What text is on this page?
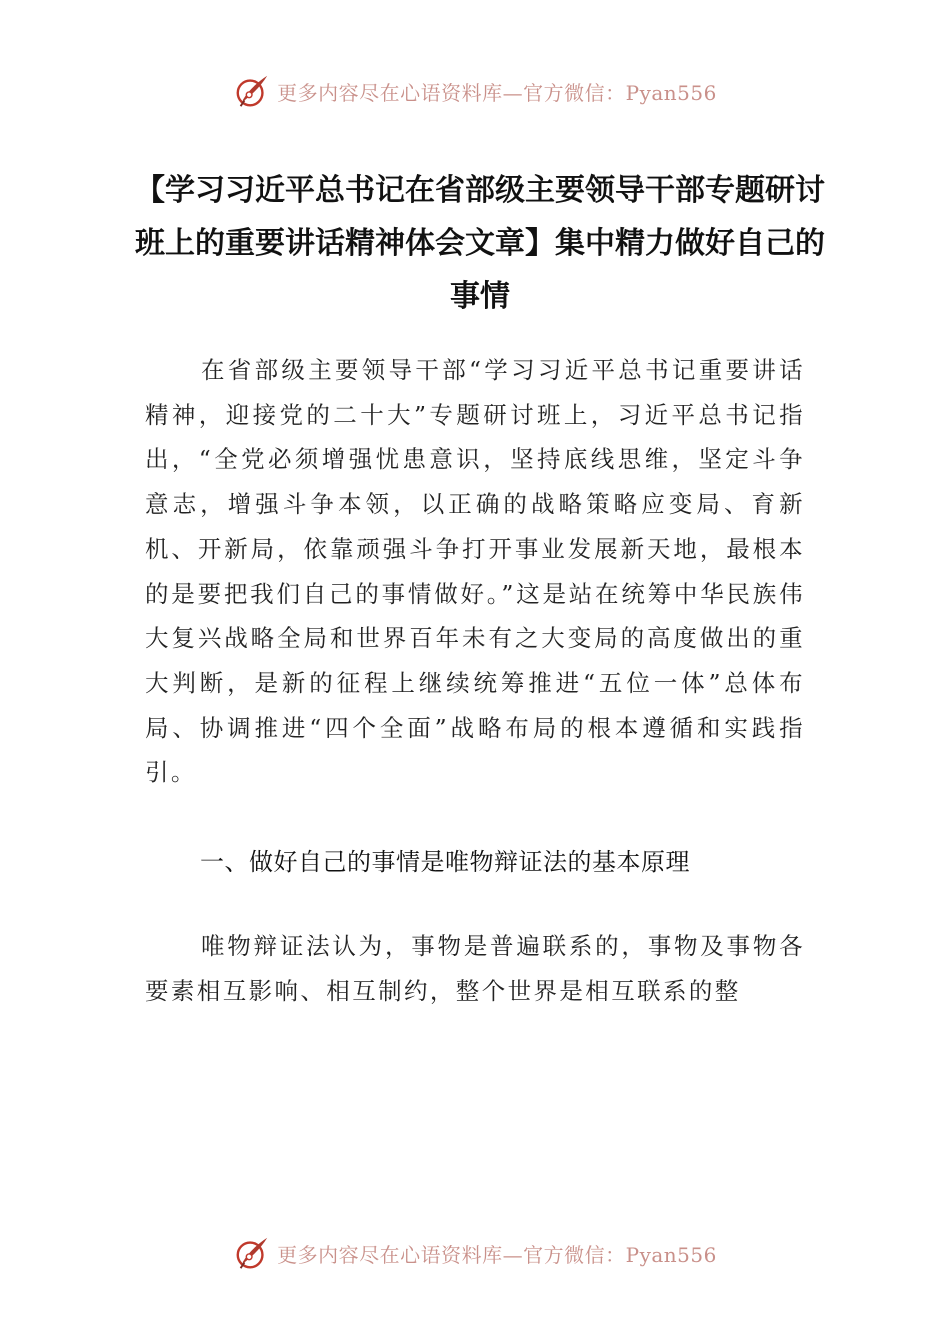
更多内容尽在心语资料库—官方微信：Pyan556
【学习习近平总书记在省部级主要领导干部专题研讨班上的重要讲话精神体会文章】集中精力做好自己的事情

在省部级主要领导干部“学习习近平总书记重要讲话精神，迎接党的二十大”专题研讨班上，习近平总书记指出，“全党必须增强忧患意识，坚持底线思维，坚定斗争意志，增强斗争本领，以正确的战略策略应变局、育新机、开新局，依靠顽强斗争打开事业发展新天地，最根本的是要把我们自己的事情做好。”这是站在统筹中华民族伟大复兴战略全局和世界百年未有之大变局的高度做出的重大判断，是新的征程上继续统筹推进“五位一体”总体布局、协调推进“四个全面”战略布局的根本遵循和实践指引。

一、做好自己的事情是唯物辩证法的基本原理

唯物辩证法认为，事物是普遍联系的，事物及事物各要素相互影响、相互制约，整个世界是相互联系的整

更多内容尽在心语资料库—官方微信：Pyan556
